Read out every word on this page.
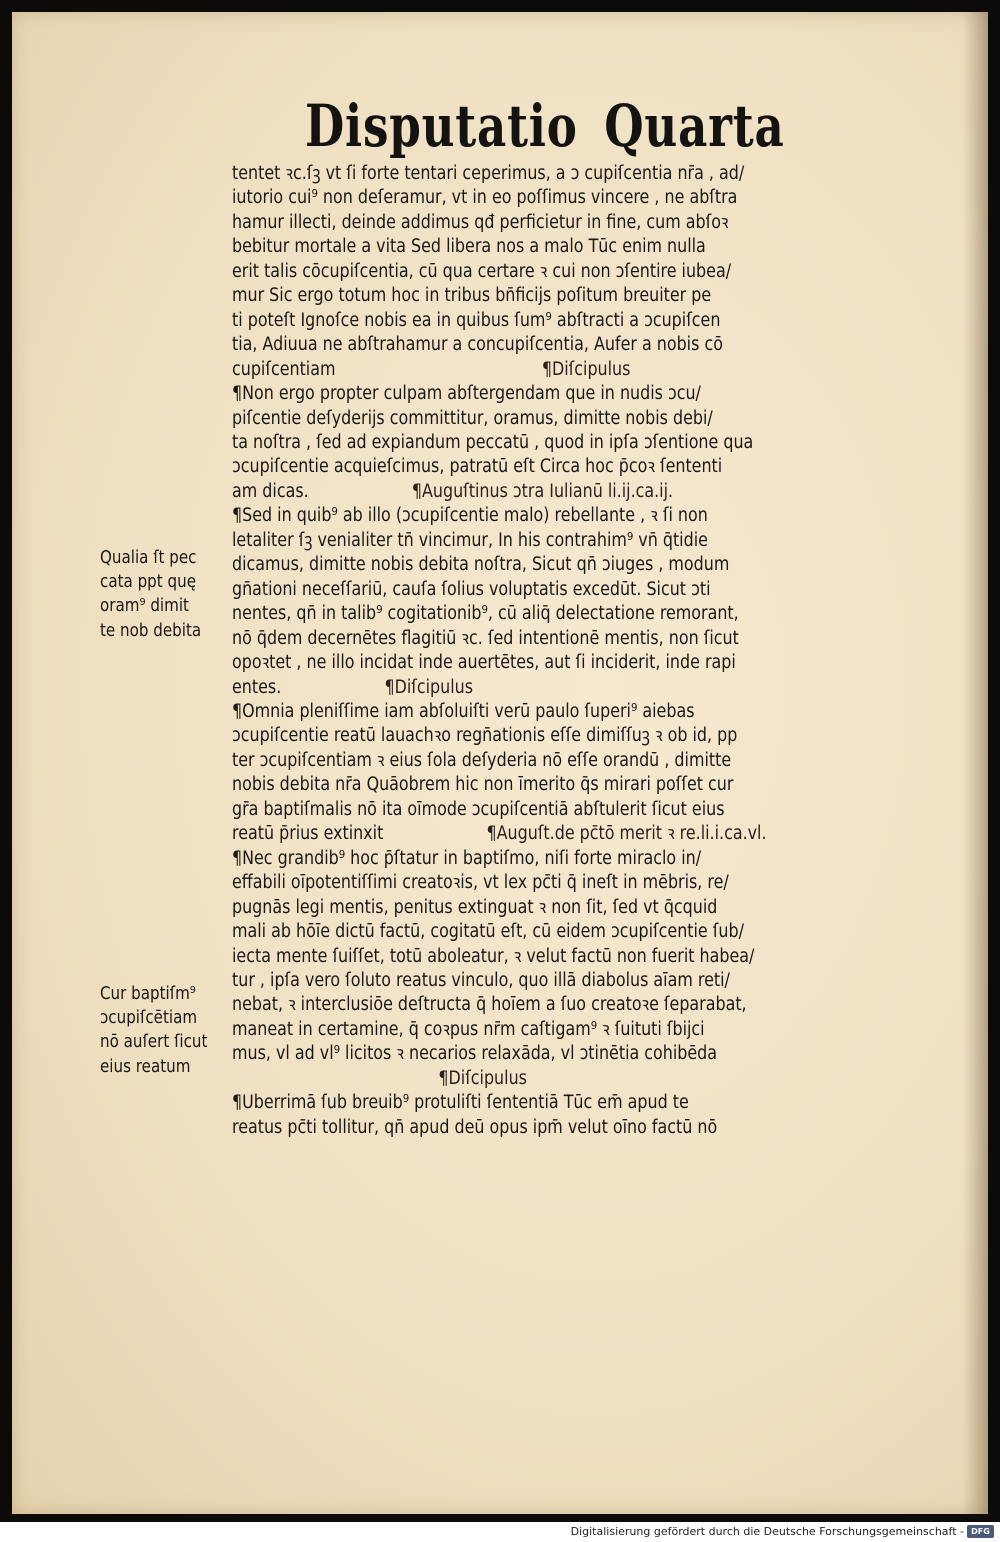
Disputatio Quarta
tentet ꝛc.ſꝫ vt ſi forte tentari ceperimus, a ↄ cupiſcentia nr̄a , ad/
iutorio cui⁹ non deſeramur, vt in eo poſſimus vincere , ne abſtra
hamur illecti, deinde addimus qđ perficietur in fine, cum abſoꝛ
bebitur mortale a vita Sed libera nos a malo Tūc enim nulla
erit talis cōcupiſcentia, cū qua certare ꝛ cui non ↄſentire iubea/
mur Sic ergo totum hoc in tribus bn̄ficijs poſitum breuiter pe
ti poteſt Ignoſce nobis ea in quibus ſum⁹ abſtracti a ↄcupiſcen
tia, Adiuua ne abſtrahamur a concupiſcentia, Aufer a nobis cō
cupiſcentiam	¶Diſcipulus
¶Non ergo propter culpam abſtergendam que in nudis ↄcu/
piſcentie deſyderijs committitur, oramus, dimitte nobis debi/
ta noſtra , ſed ad expiandum peccatū , quod in ipſa ↄſentione qua
ↄcupiſcentie acquieſcimus, patratū eſt Circa hoc p̄coꝛ ſententi
am dicas.	¶Auguſtinus ↄtra Iulianū li.ij.ca.ij.
¶Sed in quib⁹ ab illo (ↄcupiſcentie malo) rebellante , ꝛ ſi non
letaliter ſꝫ venialiter tn̄ vincimur, In his contrahim⁹ vn̄ q̄tidie
dicamus, dimitte nobis debita noſtra, Sicut qn̄ ↄiuges , modum
gn̄ationi neceſſariū, cauſa ſolius voluptatis excedūt. Sicut ↄti
nentes, qn̄ in talib⁹ cogitationib⁹, cū aliq̄ delectatione remorant,
nō q̄dem decernētes flagitiū ꝛc. ſed intentionē mentis, non ſicut
opoꝛtet , ne illo incidat inde auertētes, aut ſi inciderit, inde rapi
entes.	¶Diſcipulus
¶Omnia pleniſſime iam abſoluiſti verū paulo ſuperi⁹ aiebas
ↄcupiſcentie reatū lauachꝛo regn̄ationis eſſe dimiſſuꝫ ꝛ ob id, pp
ter ↄcupiſcentiam ꝛ eius ſola deſyderia nō eſſe orandū , dimitte
nobis debita nr̄a Quāobrem hic non īmerito q̄s mirari poſſet cur
gr̄a baptiſmalis nō ita oīmode ↄcupiſcentiā abſtulerit ſicut eius
reatū p̄rius extinxit	¶Auguſt.de pc̄tō merit ꝛ re.li.i.ca.vl.
¶Nec grandib⁹ hoc p̄ſtatur in baptiſmo, niſi forte miraclo in/
effabili oīpotentiſſimi creatoꝛis, vt lex pc̄ti q̄ ineſt in mēbris, re/
pugnās legi mentis, penitus extinguat ꝛ non ſit, ſed vt q̄cquid
mali ab hōīe dictū factū, cogitatū eſt, cū eidem ↄcupiſcentie ſub/
iecta mente ſuiſſet, totū aboleatur, ꝛ velut factū non fuerit habea/
tur , ipſa vero ſoluto reatus vinculo, quo illā diabolus aīam reti/
nebat, ꝛ interclusiōe deſtructa q̄ hoīem a ſuo creatoꝛe ſeparabat,
maneat in certamine, q̄ coꝛpus nr̄m caſtigam⁹ ꝛ ſuituti ſbijci
mus, vl ad vl⁹ licitos ꝛ necarios relaxāda, vl ↄtinētia cohibēda
¶Diſcipulus
¶Uberrimā ſub breuib⁹ protuliſti ſententiā Tūc em̄ apud te
reatus pc̄ti tollitur, qn̄ apud deū opus ipm̄ velut oīno factū nō
Qualia ſt pec
cata ppt quę
oram⁹ dimit
te nob debita
Cur baptiſm⁹
ↄcupiſcētiam
nō auſert ſicut
eius reatum
Digitalisierung gefördert durch die Deutsche Forschungsgemeinschaft - DFG
